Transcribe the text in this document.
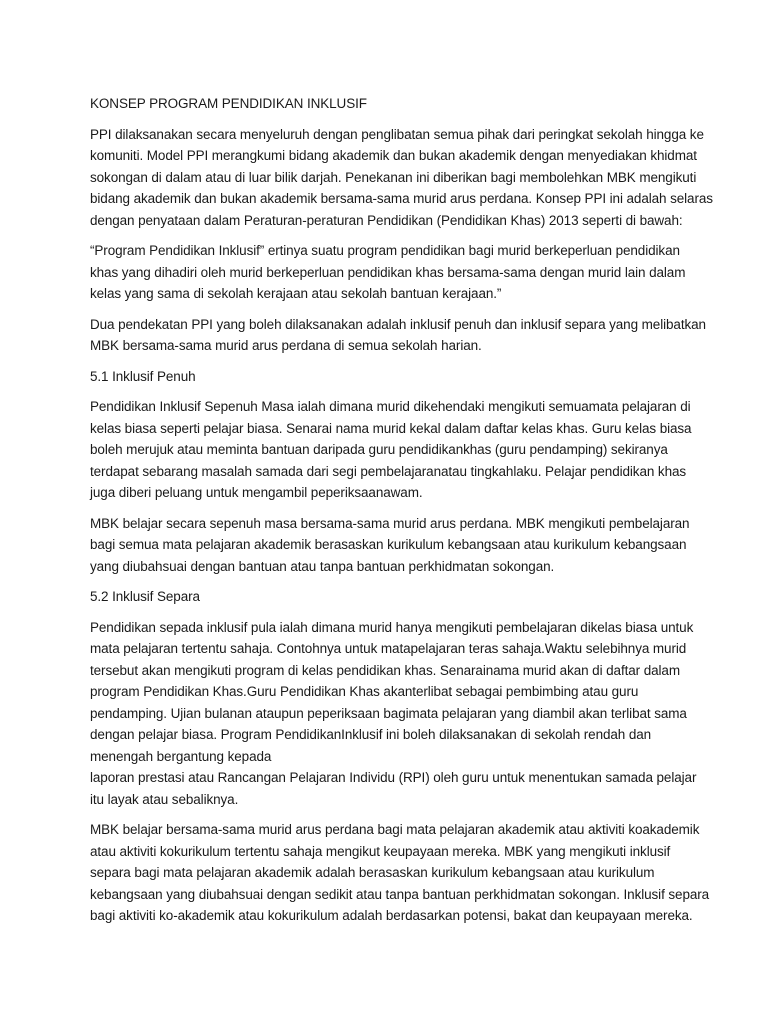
KONSEP PROGRAM PENDIDIKAN INKLUSIF
PPI dilaksanakan secara menyeluruh dengan penglibatan semua pihak dari peringkat sekolah hingga ke
komuniti. Model PPI merangkumi bidang akademik dan bukan akademik dengan menyediakan khidmat
sokongan di dalam atau di luar bilik darjah. Penekanan ini diberikan bagi membolehkan MBK mengikuti
bidang akademik dan bukan akademik bersama-sama murid arus perdana. Konsep PPI ini adalah selaras
dengan penyataan dalam Peraturan-peraturan Pendidikan (Pendidikan Khas) 2013 seperti di bawah:
“Program Pendidikan Inklusif” ertinya suatu program pendidikan bagi murid berkeperluan pendidikan
khas yang dihadiri oleh murid berkeperluan pendidikan khas bersama-sama dengan murid lain dalam
kelas yang sama di sekolah kerajaan atau sekolah bantuan kerajaan.”
Dua pendekatan PPI yang boleh dilaksanakan adalah inklusif penuh dan inklusif separa yang melibatkan
MBK bersama-sama murid arus perdana di semua sekolah harian.
5.1 Inklusif Penuh
Pendidikan Inklusif Sepenuh Masa ialah dimana murid dikehendaki mengikuti semuamata pelajaran di
kelas biasa seperti pelajar biasa. Senarai nama murid kekal dalam daftar kelas khas. Guru kelas biasa
boleh merujuk atau meminta bantuan daripada guru pendidikankhas (guru pendamping) sekiranya
terdapat sebarang masalah samada dari segi pembelajaranatau tingkahlaku. Pelajar pendidikan khas
juga diberi peluang untuk mengambil peperiksaanawam.
MBK belajar secara sepenuh masa bersama-sama murid arus perdana. MBK mengikuti pembelajaran
bagi semua mata pelajaran akademik berasaskan kurikulum kebangsaan atau kurikulum kebangsaan
yang diubahsuai dengan bantuan atau tanpa bantuan perkhidmatan sokongan.
5.2 Inklusif Separa
Pendidikan sepada inklusif pula ialah dimana murid hanya mengikuti pembelajaran dikelas biasa untuk
mata pelajaran tertentu sahaja. Contohnya untuk matapelajaran teras sahaja.Waktu selebihnya murid
tersebut akan mengikuti program di kelas pendidikan khas. Senarainama murid akan di daftar dalam
program Pendidikan Khas.Guru Pendidikan Khas akanterlibat sebagai pembimbing atau guru
pendamping. Ujian bulanan ataupun peperiksaan bagimata pelajaran yang diambil akan terlibat sama
dengan pelajar biasa. Program PendidikanInklusif ini boleh dilaksanakan di sekolah rendah dan
menengah bergantung kepada
laporan prestasi atau Rancangan Pelajaran Individu (RPI) oleh guru untuk menentukan samada pelajar
itu layak atau sebaliknya.
MBK belajar bersama-sama murid arus perdana bagi mata pelajaran akademik atau aktiviti koakademik
atau aktiviti kokurikulum tertentu sahaja mengikut keupayaan mereka. MBK yang mengikuti inklusif
separa bagi mata pelajaran akademik adalah berasaskan kurikulum kebangsaan atau kurikulum
kebangsaan yang diubahsuai dengan sedikit atau tanpa bantuan perkhidmatan sokongan. Inklusif separa
bagi aktiviti ko-akademik atau kokurikulum adalah berdasarkan potensi, bakat dan keupayaan mereka.
